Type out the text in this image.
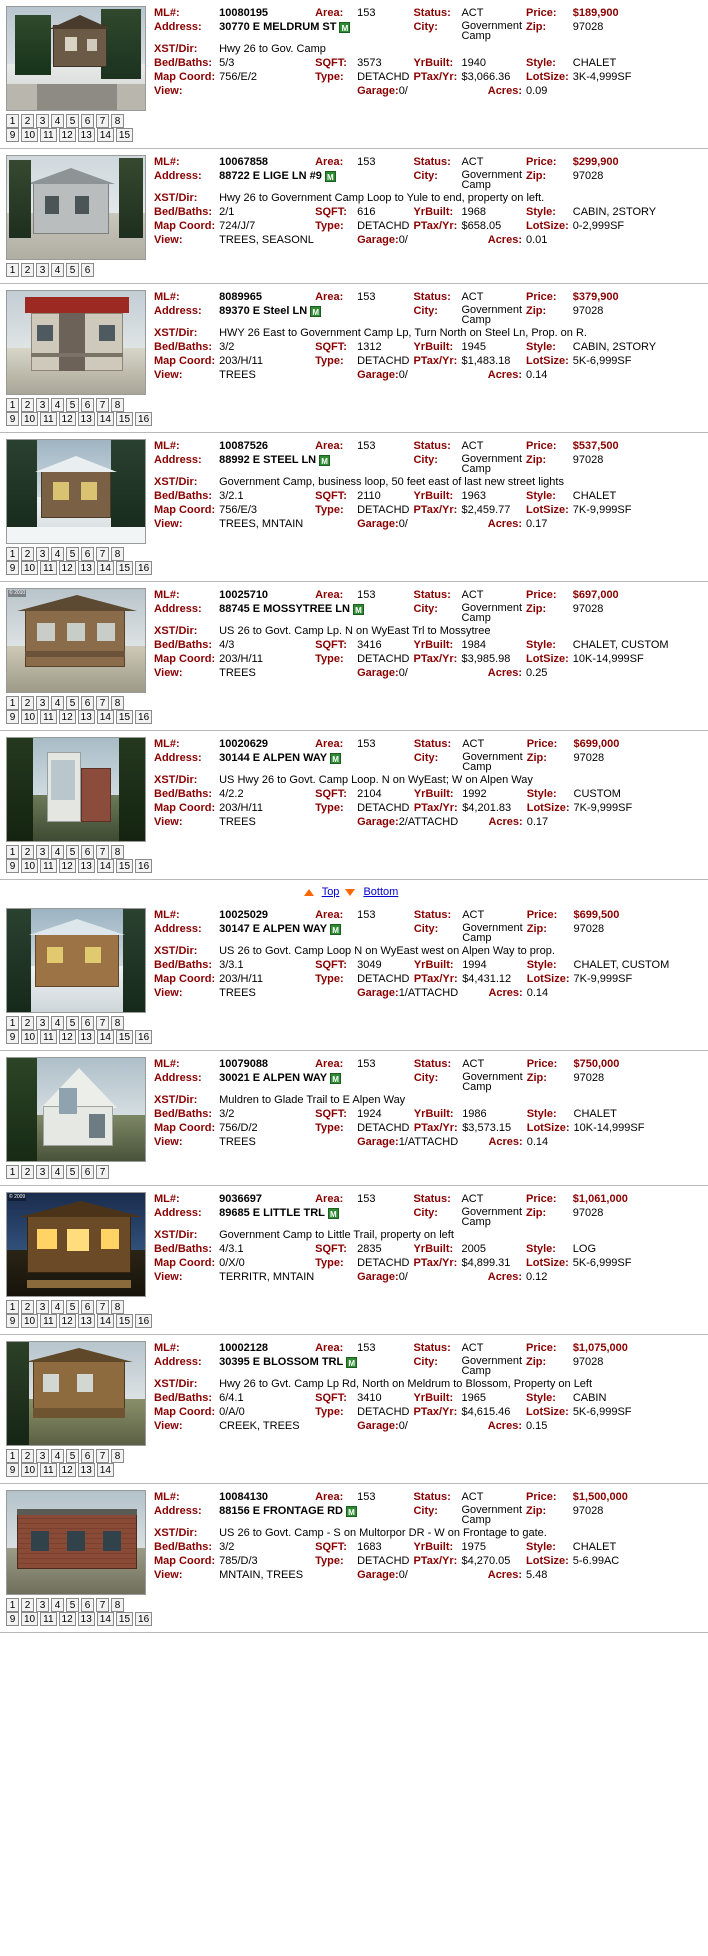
ML#:	10080195	Area:	153	Status:	ACT	Price:	$189,900
Address:	30770 E MELDRUM ST M			City:	Government Camp	Zip:	97028
XST/Dir:	Hwy 26 to Gov. Camp						
Bed/Baths:	5/3	SQFT:	3573	YrBuilt:	1940	Style:	CHALET
Map Coord:	756/E/2	Type:	DETACHD	PTax/Yr:	$3,066.36	LotSize:	3K-4,999SF
View:			Garage:0/		Acres:	0.09	
1 2 3 4 5 6 7 8
9 10 11 12 13 14 15
ML#:	10067858	Area:	153	Status:	ACT	Price:	$299,900
Address:	88722 E LIGE LN #9 M			City:	Government Camp	Zip:	97028
XST/Dir:	Hwy 26 to Government Camp Loop to Yule to end, property on left.						
Bed/Baths:	2/1	SQFT:	616	YrBuilt:	1968	Style:	CABIN, 2STORY
Map Coord:	724/J/7	Type:	DETACHD	PTax/Yr:	$658.05	LotSize:	0-2,999SF
View:	TREES, SEASONL		Garage:0/		Acres:	0.01	
1 2 3 4 5 6
ML#:	8089965	Area:	153	Status:	ACT	Price:	$379,900
Address:	89370 E Steel LN M			City:	Government Camp	Zip:	97028
XST/Dir:	HWY 26 East to Government Camp Lp, Turn North on Steel Ln, Prop. on R.						
Bed/Baths:	3/2	SQFT:	1312	YrBuilt:	1945	Style:	CABIN, 2STORY
Map Coord:	203/H/11	Type:	DETACHD	PTax/Yr:	$1,483.18	LotSize:	5K-6,999SF
View:	TREES		Garage:0/		Acres:	0.14	
1 2 3 4 5 6 7 8
9 10 11 12 13 14 15 16

ML#:	10087526	Area:	153	Status:	ACT	Price:	$537,500
Address:	88992 E STEEL LN M			City:	Government Camp	Zip:	97028
XST/Dir:	Government Camp, business loop, 50 feet east of last new street lights						
Bed/Baths:	3/2.1	SQFT:	2110	YrBuilt:	1963	Style:	CHALET
Map Coord:	756/E/3	Type:	DETACHD	PTax/Yr:	$2,459.77	LotSize:	7K-9,999SF
View:	TREES, MNTAIN		Garage:0/		Acres:	0.17	
1 2 3 4 5 6 7 8
9 10 11 12 13 14 15 16

© 2010	ML#:	10025710	Area:	153	Status:	ACT	Price:	$697,000
Address:	88745 E MOSSYTREE LN M			City:	Government Camp	Zip:	97028
XST/Dir:	US 26 to Govt. Camp Lp. N on WyEast Trl to Mossytree						
Bed/Baths:	4/3	SQFT:	3416	YrBuilt:	1984	Style:	CHALET, CUSTOM
Map Coord:	203/H/11	Type:	DETACHD	PTax/Yr:	$3,985.98	LotSize:	10K-14,999SF
View:	TREES		Garage:0/		Acres:	0.25	
1 2 3 4 5 6 7 8
9 10 11 12 13 14 15 16

ML#:	10020629	Area:	153	Status:	ACT	Price:	$699,000
Address:	30144 E ALPEN WAY M			City:	Government Camp	Zip:	97028
XST/Dir:	US Hwy 26 to Govt. Camp Loop. N on WyEast; W on Alpen Way						
Bed/Baths:	4/2.2	SQFT:	2104	YrBuilt:	1992	Style:	CUSTOM
Map Coord:	203/H/11	Type:	DETACHD	PTax/Yr:	$4,201.83	LotSize:	7K-9,999SF
View:	TREES		Garage:2/ATTACHD		Acres:	0.17	
1 2 3 4 5 6 7 8
9 10 11 12 13 14 15 16

Top Bottom
ML#:	10025029	Area:	153	Status:	ACT	Price:	$699,500
Address:	30147 E ALPEN WAY M			City:	Government Camp	Zip:	97028
XST/Dir:	US 26 to Govt. Camp Loop N on WyEast west on Alpen Way to prop.						
Bed/Baths:	3/3.1	SQFT:	3049	YrBuilt:	1994	Style:	CHALET, CUSTOM
Map Coord:	203/H/11	Type:	DETACHD	PTax/Yr:	$4,431.12	LotSize:	7K-9,999SF
View:	TREES		Garage:1/ATTACHD		Acres:	0.14	
1 2 3 4 5 6 7 8
9 10 11 12 13 14 15 16

ML#:	10079088	Area:	153	Status:	ACT	Price:	$750,000
Address:	30021 E ALPEN WAY M			City:	Government Camp	Zip:	97028
XST/Dir:	Muldren to Glade Trail to E Alpen Way						
Bed/Baths:	3/2	SQFT:	1924	YrBuilt:	1986	Style:	CHALET
Map Coord:	756/D/2	Type:	DETACHD	PTax/Yr:	$3,573.15	LotSize:	10K-14,999SF
View:	TREES		Garage:1/ATTACHD		Acres:	0.14	
1 2 3 4 5 6 7
© 2009	ML#:	9036697	Area:	153	Status:	ACT	Price:	$1,061,000
Address:	89685 E LITTLE TRL M			City:	Government Camp	Zip:	97028
XST/Dir:	Government Camp to Little Trail, property on left						
Bed/Baths:	4/3.1	SQFT:	2835	YrBuilt:	2005	Style:	LOG
Map Coord:	0/X/0	Type:	DETACHD	PTax/Yr:	$4,899.31	LotSize:	5K-6,999SF
View:	TERRITR, MNTAIN		Garage:0/		Acres:	0.12	
1 2 3 4 5 6 7 8
9 10 11 12 13 14 15 16

ML#:	10002128	Area:	153	Status:	ACT	Price:	$1,075,000
Address:	30395 E BLOSSOM TRL M			City:	Government Camp	Zip:	97028
XST/Dir:	Hwy 26 to Gvt. Camp Lp Rd, North on Meldrum to Blossom, Property on Left						
Bed/Baths:	6/4.1	SQFT:	3410	YrBuilt:	1965	Style:	CABIN
Map Coord:	0/A/0	Type:	DETACHD	PTax/Yr:	$4,615.46	LotSize:	5K-6,999SF
View:	CREEK, TREES		Garage:0/		Acres:	0.15	
1 2 3 4 5 6 7 8
9 10 11 12 13 14
ML#:	10084130	Area:	153	Status:	ACT	Price:	$1,500,000
Address:	88156 E FRONTAGE RD M			City:	Government Camp	Zip:	97028
XST/Dir:	US 26 to Govt. Camp - S on Multorpor DR - W on Frontage to gate.						
Bed/Baths:	3/2	SQFT:	1683	YrBuilt:	1975	Style:	CHALET
Map Coord:	785/D/3	Type:	DETACHD	PTax/Yr:	$4,270.05	LotSize:	5-6.99AC
View:	MNTAIN, TREES		Garage:0/		Acres:	5.48	
1 2 3 4 5 6 7 8
9 10 11 12 13 14 15 16
